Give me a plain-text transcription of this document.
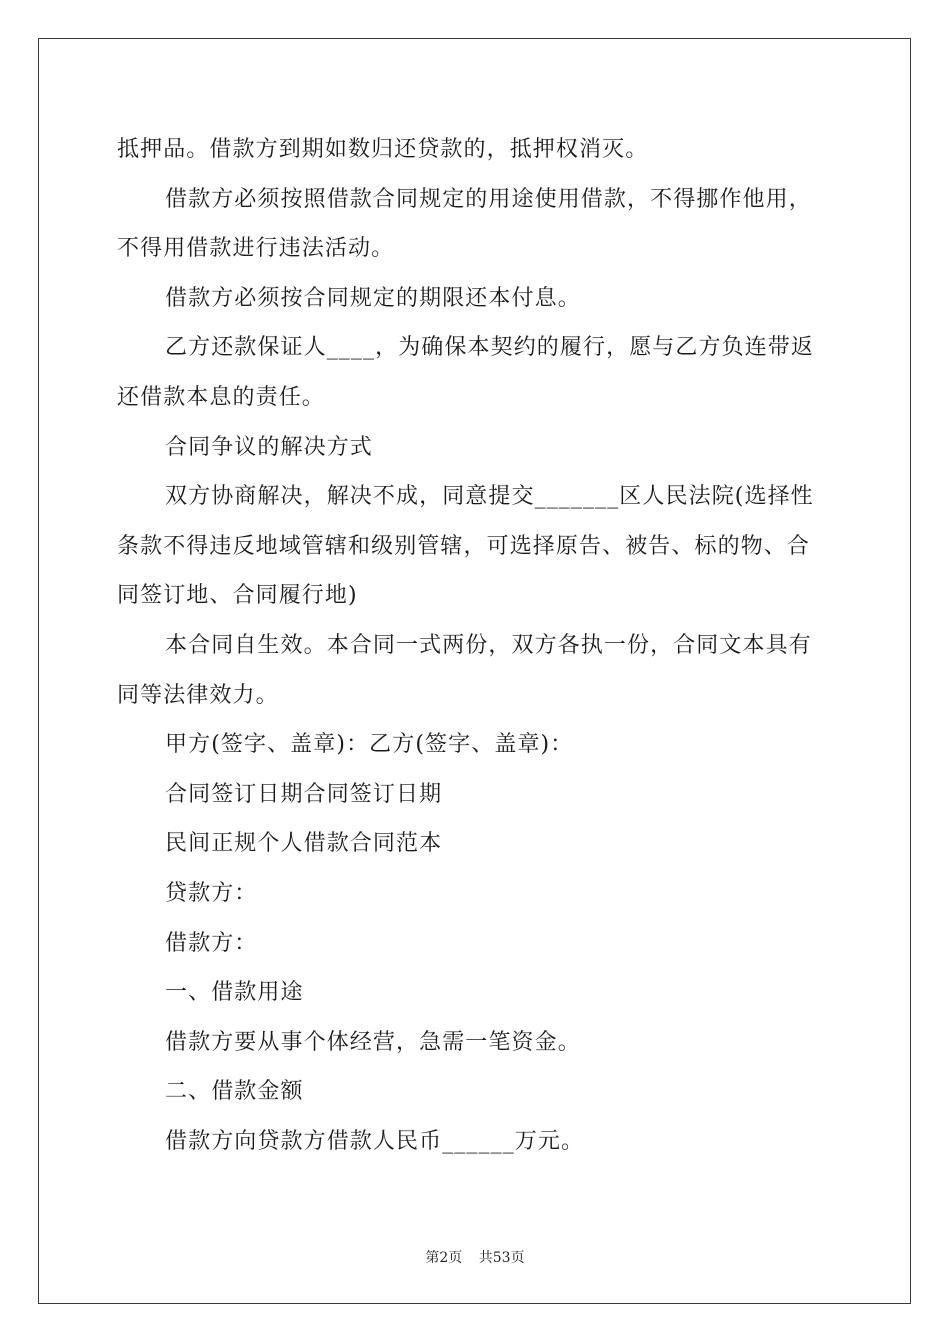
抵押品。借款方到期如数归还贷款的，抵押权消灭。
借款方必须按照借款合同规定的用途使用借款，不得挪作他用，
不得用借款进行违法活动。
借款方必须按合同规定的期限还本付息。
乙方还款保证人____，为确保本契约的履行，愿与乙方负连带返
还借款本息的责任。
合同争议的解决方式
双方协商解决，解决不成，同意提交_______区人民法院(选择性
条款不得违反地域管辖和级别管辖，可选择原告、被告、标的物、合
同签订地、合同履行地)
本合同自生效。本合同一式两份，双方各执一份，合同文本具有
同等法律效力。
甲方(签字、盖章)：乙方(签字、盖章)：
合同签订日期合同签订日期
民间正规个人借款合同范本
贷款方：
借款方：
一、借款用途
借款方要从事个体经营，急需一笔资金。
二、借款金额
借款方向贷款方借款人民币______万元。
第2页 共53页
